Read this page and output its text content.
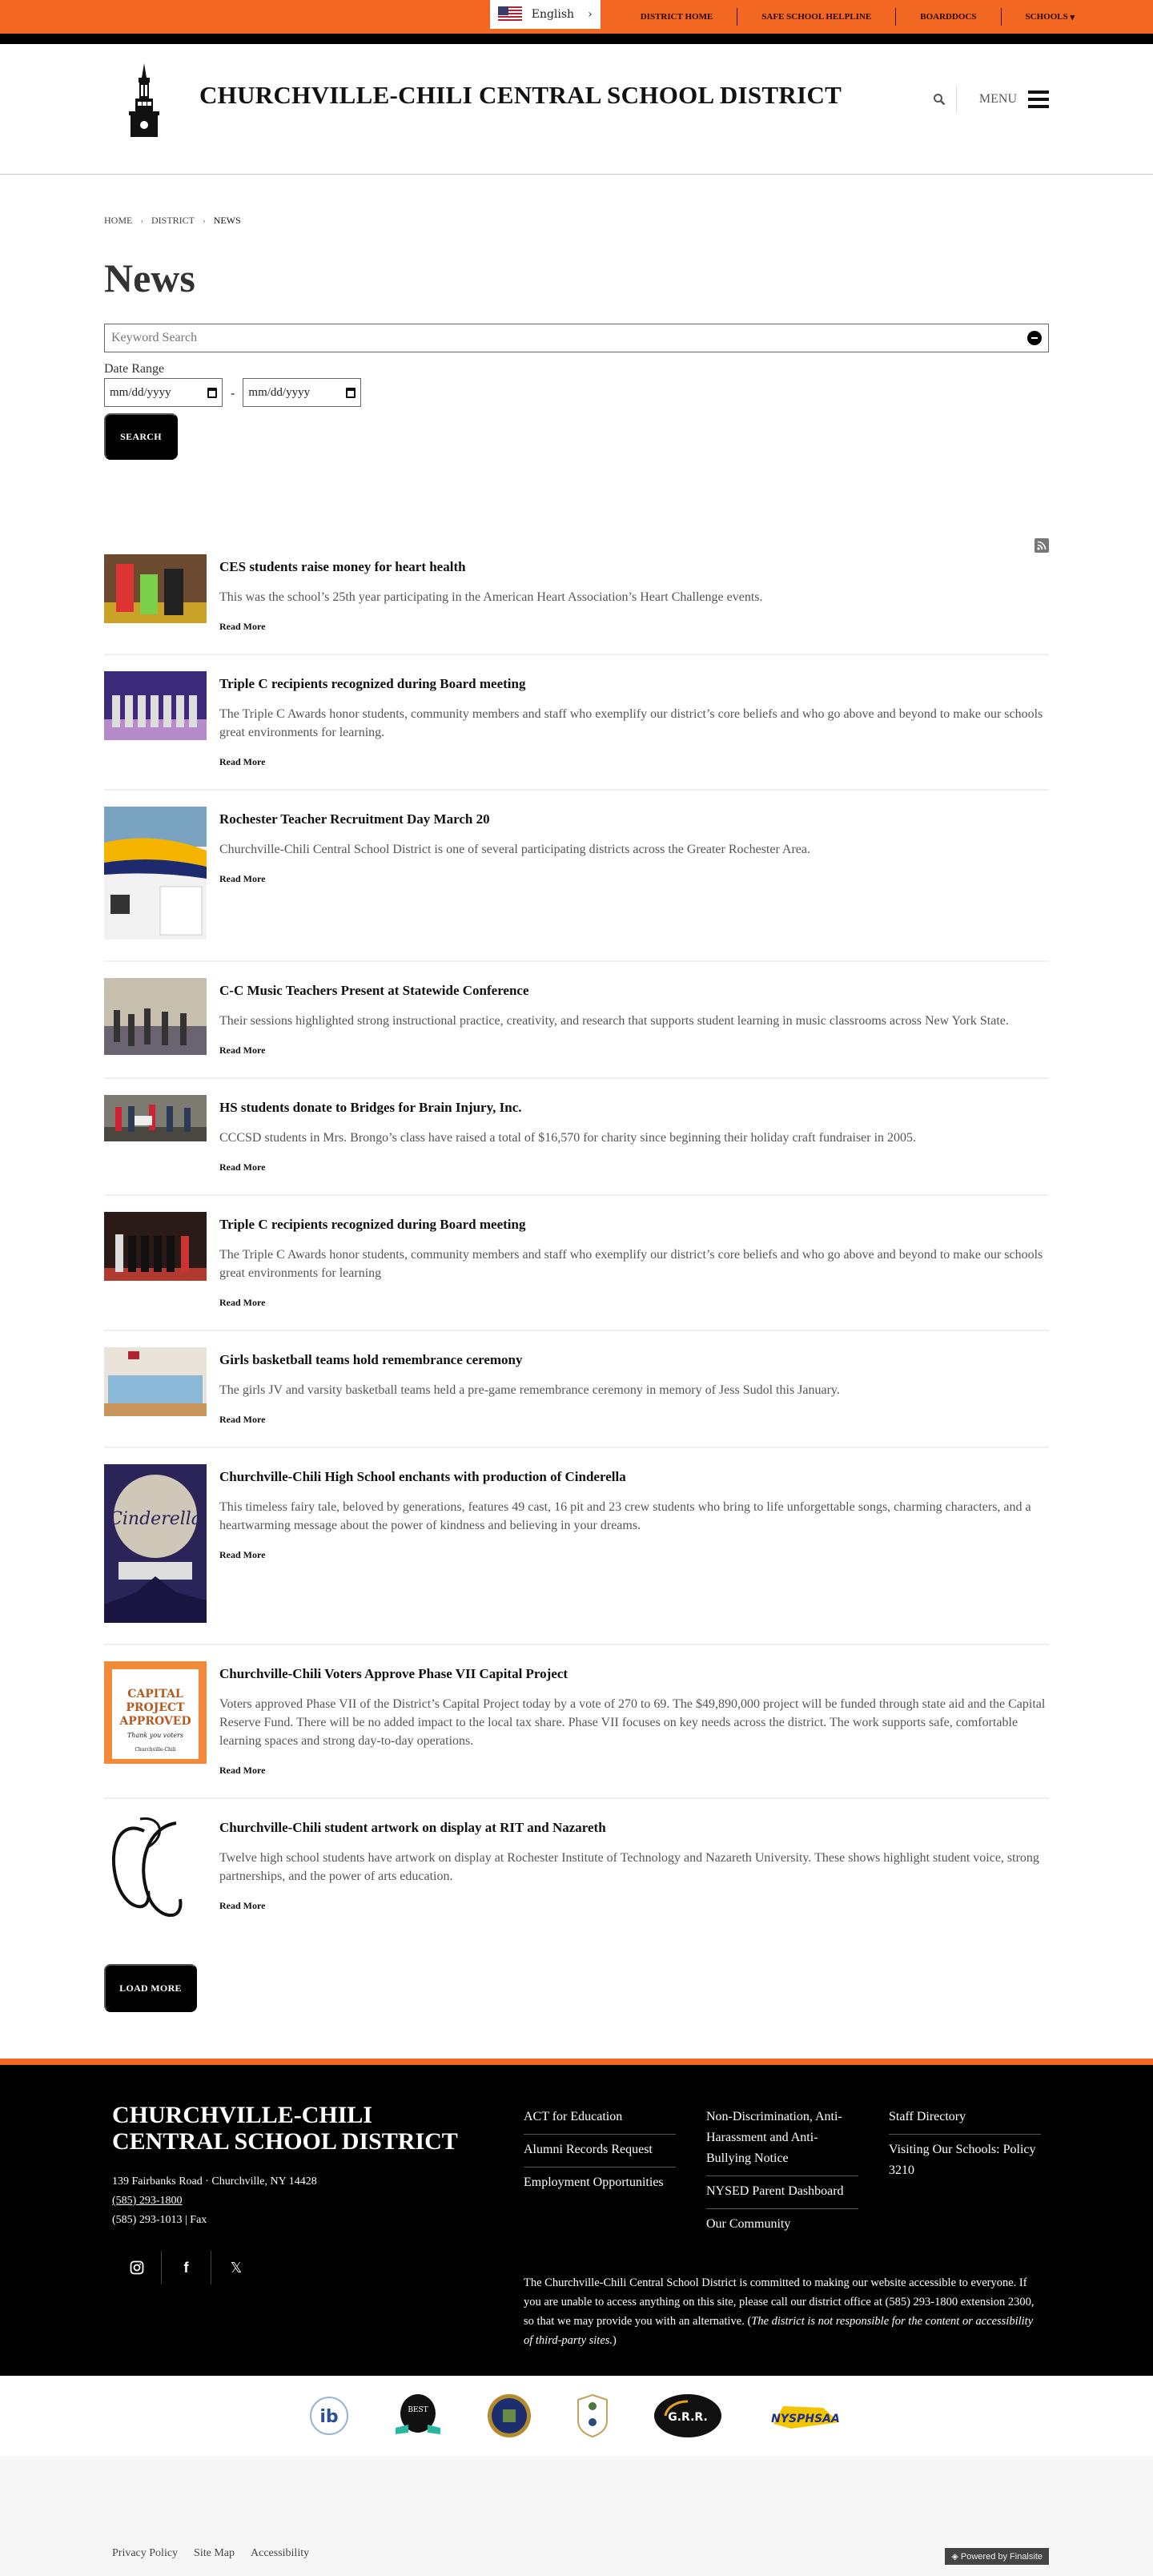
English ›	DISTRICT HOME	SAFE SCHOOL HELPLINE	BOARDDOCS	SCHOOLS
▾
CHURCHVILLE-CHILI CENTRAL SCHOOL DISTRICT	MENU
HOME › DISTRICT › NEWS
News
Keyword Search
Date Range
mm/dd/yyyy	- mm/dd/yyyy
SEARCH
CES students raise money for heart health

This was the school’s 25th year participating in the American Heart Association’s Heart Challenge events.

Read More
Triple C recipients recognized during Board meeting

The Triple C Awards honor students, community members and staff who exemplify our district’s core beliefs and who go above and beyond to make our schools great environments for learning.

Read More
Rochester Teacher Recruitment Day March 20

Churchville-Chili Central School District is one of several participating districts across the Greater Rochester Area.

Read More
C-C Music Teachers Present at Statewide Conference

Their sessions highlighted strong instructional practice, creativity, and research that supports student learning in music classrooms across New York State.

Read More
HS students donate to Bridges for Brain Injury, Inc.

CCCSD students in Mrs. Brongo’s class have raised a total of $16,570 for charity since beginning their holiday craft fundraiser in 2005.

Read More
Triple C recipients recognized during Board meeting

The Triple C Awards honor students, community members and staff who exemplify our district’s core beliefs and who go above and beyond to make our schools great environments for learning

Read More
Girls basketball teams hold remembrance ceremony

The girls JV and varsity basketball teams held a pre-game remembrance ceremony in memory of Jess Sudol this January.

Read More
Cinderella
Churchville-Chili High School enchants with production of Cinderella

This timeless fairy tale, beloved by generations, features 49 cast, 16 pit and 23 crew students who bring to life unforgettable songs, charming characters, and a heartwarming message about the power of kindness and believing in your dreams.

Read More
CAPITAL
PROJECT
APPROVED
Thank you voters
Churchville-Chili
Churchville-Chili Voters Approve Phase VII Capital Project

Voters approved Phase VII of the District’s Capital Project today by a vote of 270 to 69. The $49,890,000 project will be funded through state aid and the Capital Reserve Fund. There will be no added impact to the local tax share. Phase VII focuses on key needs across the district. The work supports safe, comfortable learning spaces and strong day-to-day operations.

Read More
Churchville-Chili student artwork on display at RIT and Nazareth

Twelve high school students have artwork on display at Rochester Institute of Technology and Nazareth University. These shows highlight student voice, strong partnerships, and the power of arts education.

Read More
LOAD MORE
CHURCHVILLE-CHILI
CENTRAL SCHOOL DISTRICT
139 Fairbanks Road · Churchville, NY 14428
(585) 293-1800
(585) 293-1013 | Fax
f	𝕏
ACT for Education
Alumni Records Request
Employment Opportunities
Non-Discrimination, Anti-Harassment and Anti-Bullying Notice
NYSED Parent Dashboard
Our Community
Staff Directory
Visiting Our Schools: Policy 3210

The Churchville-Chili Central School District is committed to making our website accessible to everyone. If you are unable to access anything on this site, please call our district office at (585) 293-1800 extension 2300, so that we may provide you with an alternative. (The district is not responsible for the content or accessibility of third-party sites.)

ib	BEST
G.R.R.	NYSPHSAA
Privacy Policy Site Map Accessibility	◈ Powered by Finalsite
